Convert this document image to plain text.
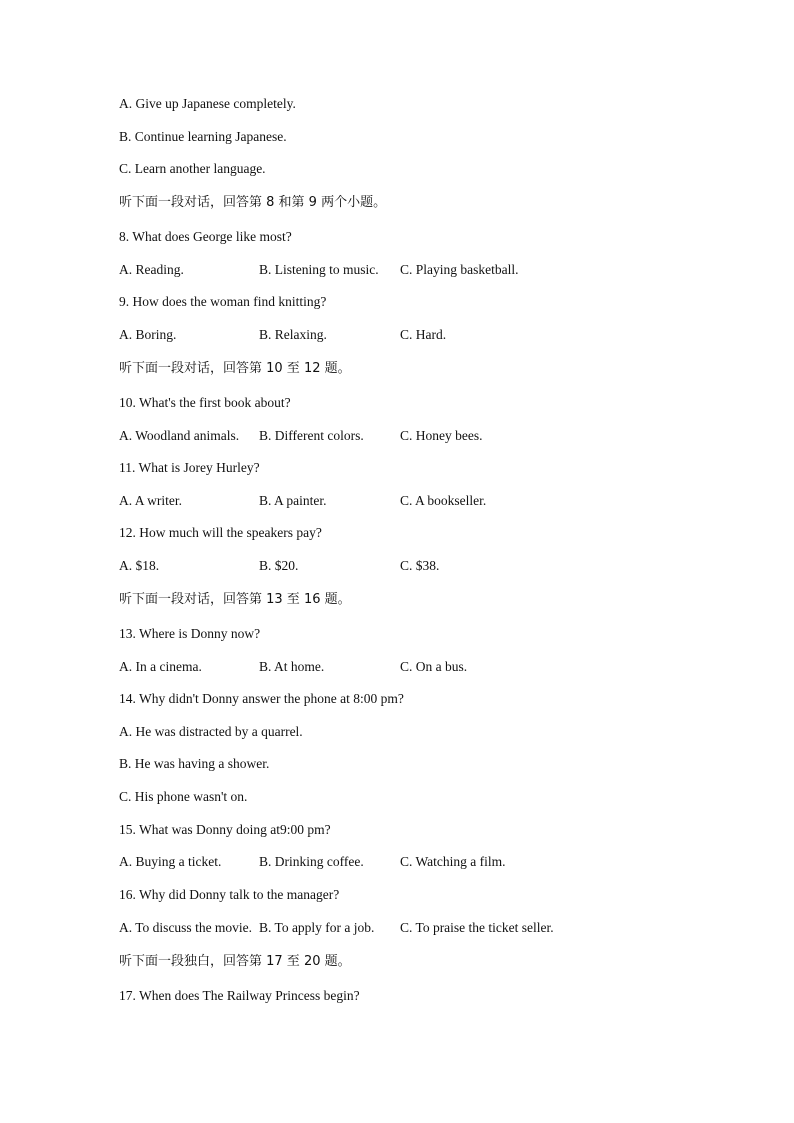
A. Give up Japanese completely.
B. Continue learning Japanese.
C. Learn another language.
听下面一段对话，回答第 8 和第 9 两个小题。
8. What does George like most?
A. Reading.	B. Listening to music. C. Playing basketball.
9. How does the woman find knitting?
A. Boring.	B. Relaxing.	C. Hard.
听下面一段对话，回答第 10 至 12 题。
10. What's the first book about?
A. Woodland animals. B. Different colors.	C. Honey bees.
11. What is Jorey Hurley?
A. A writer.	B. A painter.	C. A bookseller.
12. How much will the speakers pay?
A. $18.	B. $20.	C. $38.
听下面一段对话，回答第 13 至 16 题。
13. Where is Donny now?
A. In a cinema.	B. At home.	C. On a bus.
14. Why didn't Donny answer the phone at 8:00 pm?
A. He was distracted by a quarrel.
B. He was having a shower.
C. His phone wasn't on.
15. What was Donny doing at9:00 pm?
A. Buying a ticket.	B. Drinking coffee.	C. Watching a film.
16. Why did Donny talk to the manager?
A. To discuss the movie. B. To apply for a job. C. To praise the ticket seller.
听下面一段独白，回答第 17 至 20 题。
17. When does The Railway Princess begin?
